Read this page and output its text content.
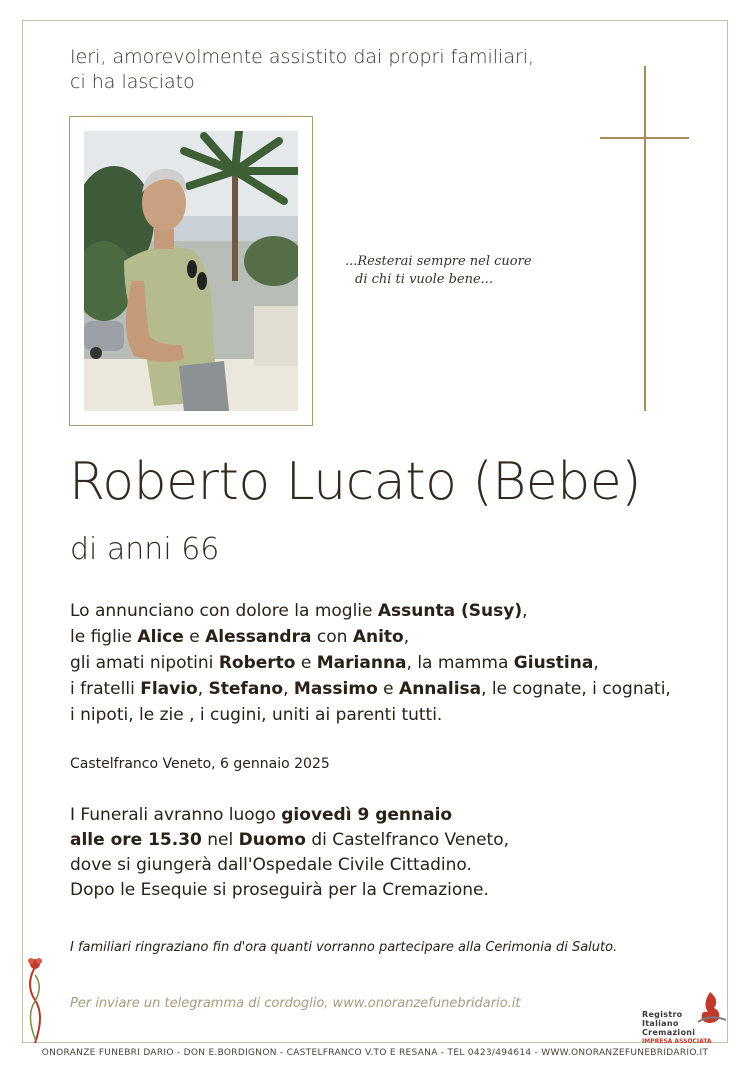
Ieri, amorevolmente assistito dai propri familiari,
ci ha lasciato
...Resterai sempre nel cuore
di chi ti vuole bene...
Roberto Lucato (Bebe)
di anni 66
Lo annunciano con dolore la moglie Assunta (Susy),
le figlie Alice e Alessandra con Anito,
gli amati nipotini Roberto e Marianna, la mamma Giustina,
i fratelli Flavio, Stefano, Massimo e Annalisa, le cognate, i cognati,
i nipoti, le zie , i cugini, uniti ai parenti tutti.
Castelfranco Veneto, 6 gennaio 2025
I Funerali avranno luogo giovedì 9 gennaio
alle ore 15.30 nel Duomo di Castelfranco Veneto,
dove si giungerà dall'Ospedale Civile Cittadino.
Dopo le Esequie si proseguirà per la Cremazione.
I familiari ringraziano fin d'ora quanti vorranno partecipare alla Cerimonia di Saluto.
Per inviare un telegramma di cordoglio, www.onoranzefunebridario.it
Registro
Italiano
Cremazioni
IMPRESA ASSOCIATA
ONORANZE FUNEBRI DARIO - DON E.BORDIGNON - CASTELFRANCO V.TO E RESANA - TEL 0423/494614 - WWW.ONORANZEFUNEBRIDARIO.IT
